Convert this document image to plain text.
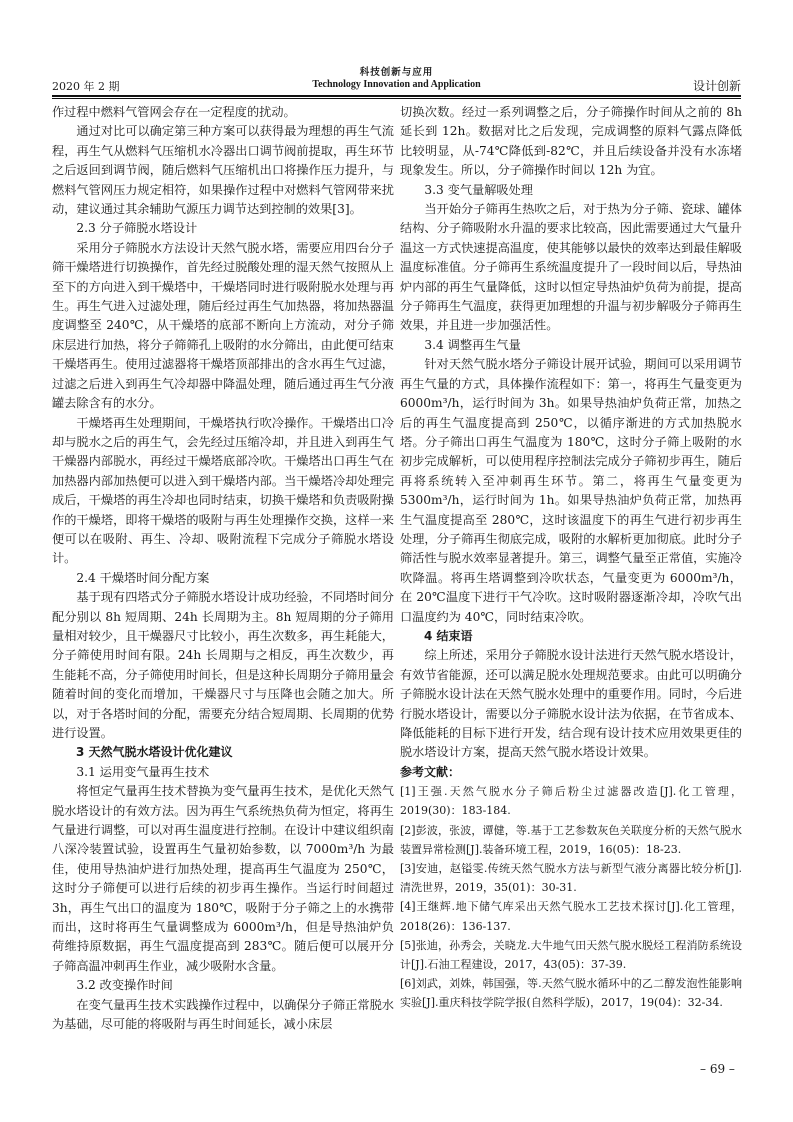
科技创新与应用
2020 年 2 期	Technology Innovation and Application	设计创新

作过程中燃料气管网会存在一定程度的扰动。

通过对比可以确定第三种方案可以获得最为理想的再生气流程，再生气从燃料气压缩机水冷器出口调节阀前提取，再生环节之后返回到调节阀，随后燃料气压缩机出口将操作压力提升，与燃料气管网压力规定相符，如果操作过程中对燃料气管网带来扰动，建议通过其余辅助气源压力调节达到控制的效果[3]。

2.3 分子筛脱水塔设计

采用分子筛脱水方法设计天然气脱水塔，需要应用四台分子筛干燥塔进行切换操作，首先经过脱酸处理的湿天然气按照从上至下的方向进入到干燥塔中，干燥塔同时进行吸附脱水处理与再生。再生气进入过滤处理，随后经过再生气加热器，将加热器温度调整至 240℃，从干燥塔的底部不断向上方流动，对分子筛床层进行加热，将分子筛筛孔上吸附的水分筛出，由此便可结束干燥塔再生。使用过滤器将干燥塔顶部排出的含水再生气过滤，过滤之后进入到再生气冷却器中降温处理，随后通过再生气分液罐去除含有的水分。

干燥塔再生处理期间，干燥塔执行吹冷操作。干燥塔出口冷却与脱水之后的再生气，会先经过压缩冷却，并且进入到再生气干燥器内部脱水，再经过干燥塔底部冷吹。干燥塔出口再生气在加热器内部加热便可以进入到干燥塔内部。当干燥塔冷却处理完成后，干燥塔的再生冷却也同时结束，切换干燥塔和负责吸附操作的干燥塔，即将干燥塔的吸附与再生处理操作交换，这样一来便可以在吸附、再生、冷却、吸附流程下完成分子筛脱水塔设计。

2.4 干燥塔时间分配方案

基于现有四塔式分子筛脱水塔设计成功经验，不同塔时间分配分别以 8h 短周期、24h 长周期为主。8h 短周期的分子筛用量相对较少，且干燥器尺寸比较小，再生次数多，再生耗能大，分子筛使用时间有限。24h 长周期与之相反，再生次数少，再生能耗不高，分子筛使用时间长，但是这种长周期分子筛用量会随着时间的变化而增加，干燥器尺寸与压降也会随之加大。所以，对于各塔时间的分配，需要充分结合短周期、长周期的优势进行设置。

3 天然气脱水塔设计优化建议

3.1 运用变气量再生技术

将恒定气量再生技术替换为变气量再生技术，是优化天然气脱水塔设计的有效方法。因为再生气系统热负荷为恒定，将再生气量进行调整，可以对再生温度进行控制。在设计中建议组织南八深冷装置试验，设置再生气量初始参数，以 7000m³/h 为最佳，使用导热油炉进行加热处理，提高再生气温度为 250℃，这时分子筛便可以进行后续的初步再生操作。当运行时间超过 3h，再生气出口的温度为 180℃，吸附于分子筛之上的水携带而出，这时将再生气量调整成为 6000m³/h，但是导热油炉负荷维持原数据，再生气温度提高到 283℃。随后便可以展开分子筛高温冲刺再生作业，减少吸附水含量。

3.2 改变操作时间

在变气量再生技术实践操作过程中，以确保分子筛正常脱水为基础，尽可能的将吸附与再生时间延长，减小床层

切换次数。经过一系列调整之后，分子筛操作时间从之前的 8h 延长到 12h。数据对比之后发现，完成调整的原料气露点降低比较明显，从-74℃降低到-82℃，并且后续设备并没有水冻堵现象发生。所以，分子筛操作时间以 12h 为宜。

3.3 变气量解吸处理

当开始分子筛再生热吹之后，对于热为分子筛、瓷球、罐体结构、分子筛吸附水升温的要求比较高，因此需要通过大气量升温这一方式快速提高温度，使其能够以最快的效率达到最佳解吸温度标准值。分子筛再生系统温度提升了一段时间以后，导热油炉内部的再生气量降低，这时以恒定导热油炉负荷为前提，提高分子筛再生气温度，获得更加理想的升温与初步解吸分子筛再生效果，并且进一步加强活性。

3.4 调整再生气量

针对天然气脱水塔分子筛设计展开试验，期间可以采用调节再生气量的方式，具体操作流程如下：第一，将再生气量变更为 6000m³/h，运行时间为 3h。如果导热油炉负荷正常，加热之后的再生气温度提高到 250℃，以循序渐进的方式加热脱水塔。分子筛出口再生气温度为 180℃，这时分子筛上吸附的水初步完成解析，可以使用程序控制法完成分子筛初步再生，随后再将系统转入至冲刺再生环节。第二，将再生气量变更为 5300m³/h，运行时间为 1h。如果导热油炉负荷正常，加热再生气温度提高至 280℃，这时该温度下的再生气进行初步再生处理，分子筛再生彻底完成，吸附的水解析更加彻底。此时分子筛活性与脱水效率显著提升。第三，调整气量至正常值，实施冷吹降温。将再生塔调整到冷吹状态，气量变更为 6000m³/h，在 20℃温度下进行干气冷吹。这时吸附器逐渐冷却，冷吹气出口温度约为 40℃，同时结束冷吹。

4 结束语

综上所述，采用分子筛脱水设计法进行天然气脱水塔设计，有效节省能源，还可以满足脱水处理规范要求。由此可以明确分子筛脱水设计法在天然气脱水处理中的重要作用。同时，今后进行脱水塔设计，需要以分子筛脱水设计法为依据，在节省成本、降低能耗的目标下进行开发，结合现有设计技术应用效果更佳的脱水塔设计方案，提高天然气脱水塔设计效果。

参考文献：

[1]王强.天然气脱水分子筛后粉尘过滤器改造[J].化工管理，2019(30)：183-184.

[2]彭波，张波，谭健，等.基于工艺参数灰色关联度分析的天然气脱水装置异常检测[J].装备环境工程，2019，16(05)：18-23.

[3]安迪，赵镒雯.传统天然气脱水方法与新型气液分离器比较分析[J].清洗世界，2019，35(01)：30-31.

[4]王继辉.地下储气库采出天然气脱水工艺技术探讨[J].化工管理，2018(26)：136-137.

[5]张迪，孙秀会，关晓龙.大牛地气田天然气脱水脱烃工程消防系统设计[J].石油工程建设，2017，43(05)：37-39.

[6]刘武，刘姝，韩国强，等.天然气脱水循环中的乙二醇发泡性能影响实验[J].重庆科技学院学报(自然科学版)，2017，19(04)：32-34.

– 69 –
